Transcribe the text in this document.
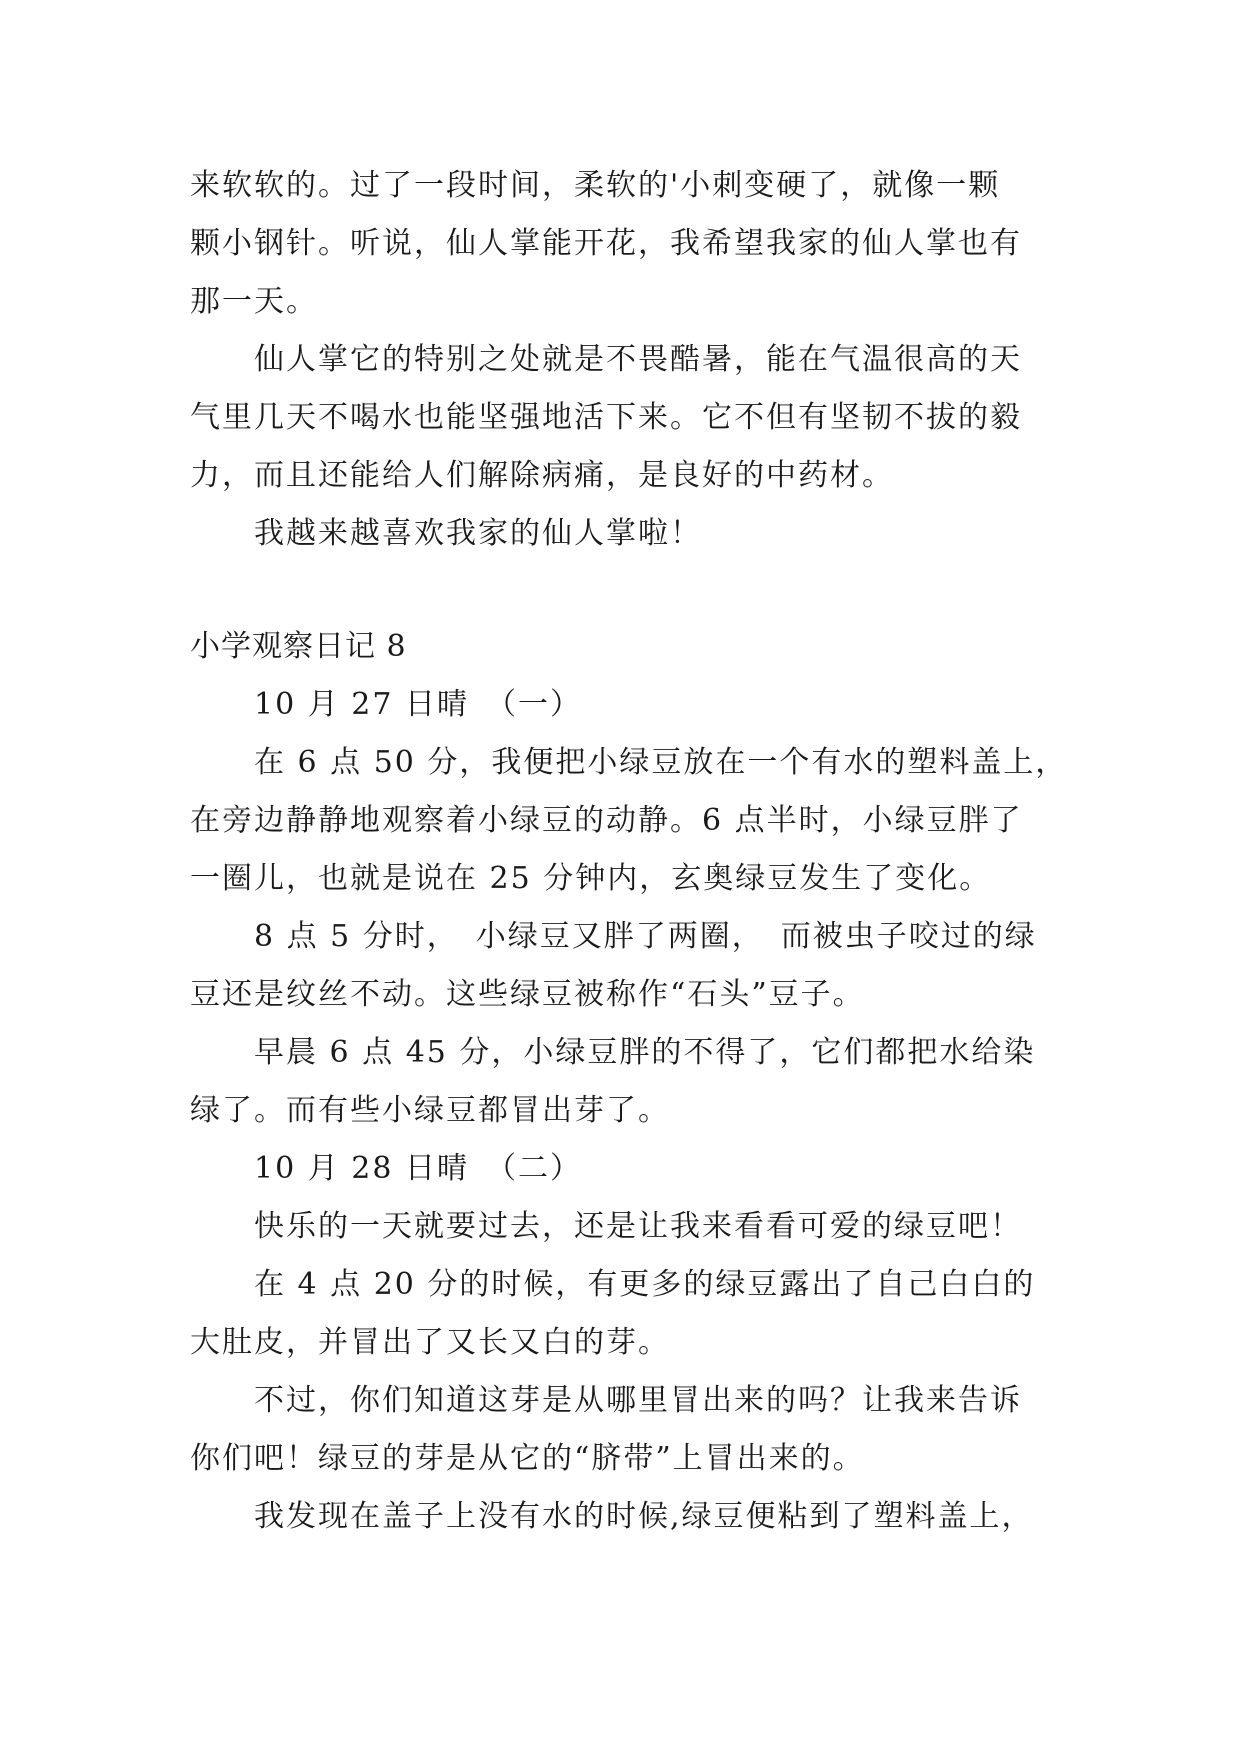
来软软的。过了一段时间，柔软的'小刺变硬了，就像一颗
颗小钢针。听说，仙人掌能开花，我希望我家的仙人掌也有
那一天。
仙人掌它的特别之处就是不畏酷暑，能在气温很高的天
气里几天不喝水也能坚强地活下来。它不但有坚韧不拔的毅
力，而且还能给人们解除病痛，是良好的中药材。
我越来越喜欢我家的仙人掌啦！
小学观察日记 8
10 月 27 日晴　（一）
在 6 点 50 分，我便把小绿豆放在一个有水的塑料盖上，
在旁边静静地观察着小绿豆的动静。6 点半时，小绿豆胖了
一圈儿，也就是说在 25 分钟内，玄奥绿豆发生了变化。
8 点 5 分时，　小绿豆又胖了两圈，　而被虫子咬过的绿
豆还是纹丝不动。这些绿豆被称作“石头”豆子。
早晨 6 点 45 分，小绿豆胖的不得了，它们都把水给染
绿了。而有些小绿豆都冒出芽了。
10 月 28 日晴　（二）
快乐的一天就要过去，还是让我来看看可爱的绿豆吧！
在 4 点 20 分的时候，有更多的绿豆露出了自己白白的
大肚皮，并冒出了又长又白的芽。
不过，你们知道这芽是从哪里冒出来的吗？让我来告诉
你们吧！绿豆的芽是从它的“脐带”上冒出来的。
我发现在盖子上没有水的时候,绿豆便粘到了塑料盖上，
